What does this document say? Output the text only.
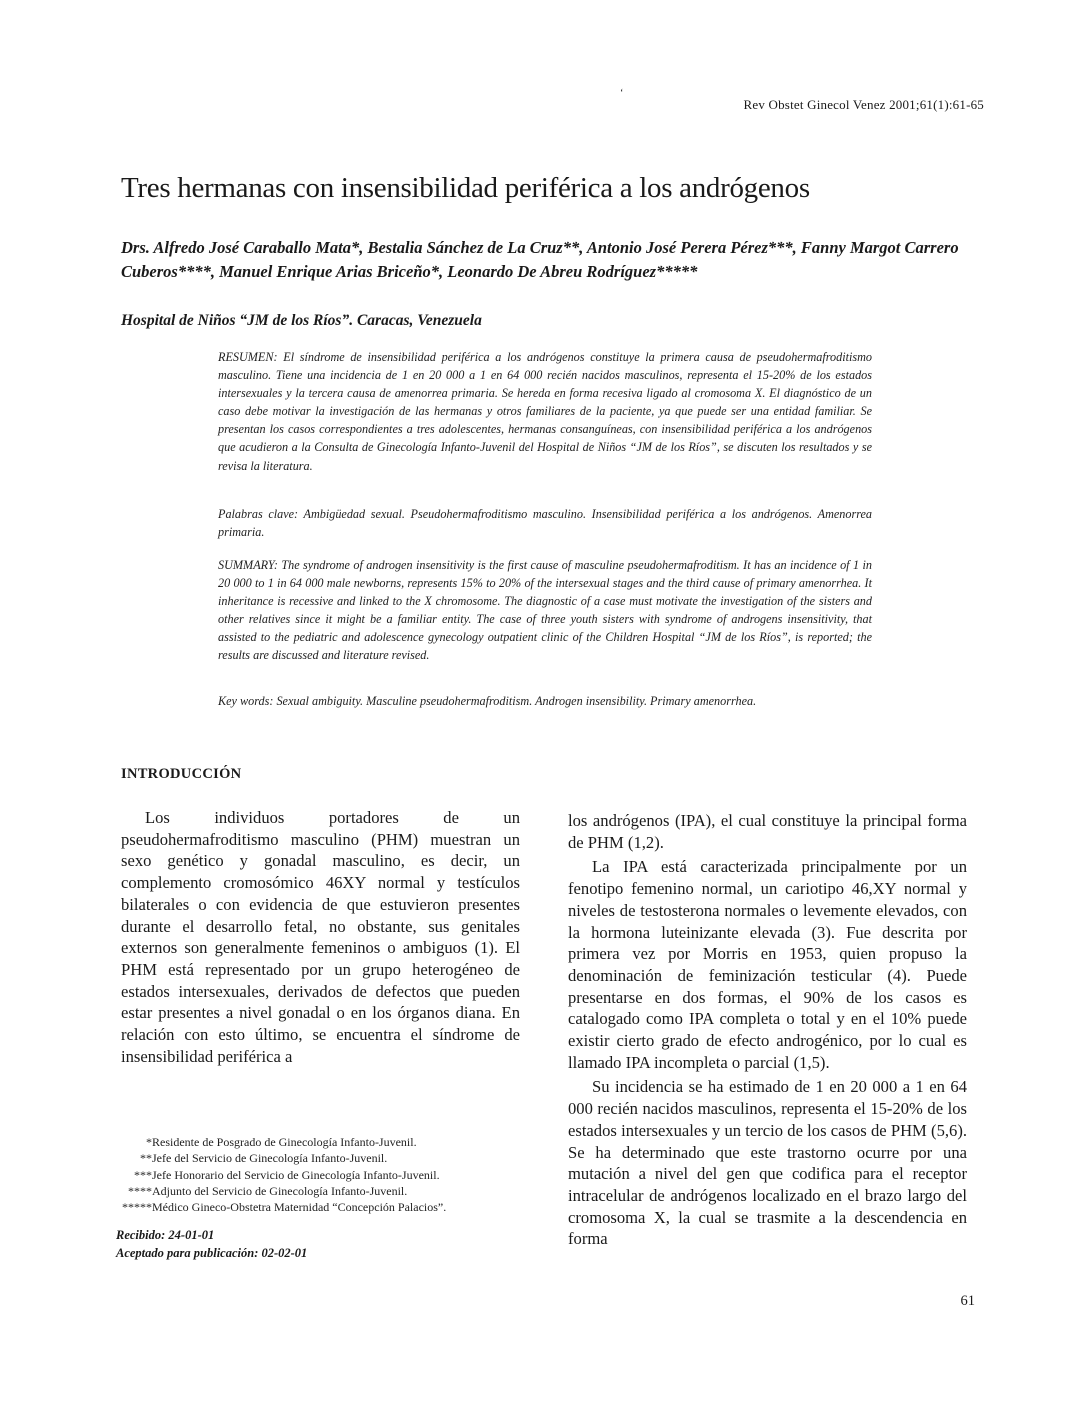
ʻ
Rev Obstet Ginecol Venez 2001;61(1):61-65
Tres hermanas con insensibilidad periférica a los andrógenos
Drs. Alfredo José Caraballo Mata*, Bestalia Sánchez de La Cruz**, Antonio José Perera Pérez***, Fanny Margot Carrero Cuberos****, Manuel Enrique Arias Briceño*, Leonardo De Abreu Rodríguez*****
Hospital de Niños “JM de los Ríos”. Caracas, Venezuela
RESUMEN: El síndrome de insensibilidad periférica a los andrógenos constituye la primera causa de pseudohermafroditismo masculino. Tiene una incidencia de 1 en 20 000 a 1 en 64 000 recién nacidos masculinos, representa el 15-20% de los estados intersexuales y la tercera causa de amenorrea primaria. Se hereda en forma recesiva ligado al cromosoma X. El diagnóstico de un caso debe motivar la investigación de las hermanas y otros familiares de la paciente, ya que puede ser una entidad familiar. Se presentan los casos correspondientes a tres adolescentes, hermanas consanguíneas, con insensibilidad periférica a los andrógenos que acudieron a la Consulta de Ginecología Infanto-Juvenil del Hospital de Niños “JM de los Ríos”, se discuten los resultados y se revisa la literatura.
Palabras clave: Ambigüedad sexual. Pseudohermafroditismo masculino. Insensibilidad periférica a los andrógenos. Amenorrea primaria.
SUMMARY: The syndrome of androgen insensitivity is the first cause of masculine pseudohermafroditism. It has an incidence of 1 in 20 000 to 1 in 64 000 male newborns, represents 15% to 20% of the intersexual stages and the third cause of primary amenorrhea. It inheritance is recessive and linked to the X chromosome. The diagnostic of a case must motivate the investigation of the sisters and other relatives since it might be a familiar entity. The case of three youth sisters with syndrome of androgens insensitivity, that assisted to the pediatric and adolescence gynecology outpatient clinic of the Children Hospital “JM de los Ríos”, is reported; the results are discussed and literature revised.
Key words: Sexual ambiguity. Masculine pseudohermafroditism. Androgen insensibility. Primary amenorrhea.
INTRODUCCIÓN

Los individuos portadores de un pseudohermafroditismo masculino (PHM) muestran un sexo genético y gonadal masculino, es decir, un complemento cromosómico 46XY normal y testículos bilaterales o con evidencia de que estuvieron presentes durante el desarrollo fetal, no obstante, sus genitales externos son generalmente femeninos o ambiguos (1). El PHM está representado por un grupo heterogéneo de estados intersexuales, derivados de defectos que pueden estar presentes a nivel gonadal o en los órganos diana. En relación con esto último, se encuentra el síndrome de insensibilidad periférica a

los andrógenos (IPA), el cual constituye la principal forma de PHM (1,2).

La IPA está caracterizada principalmente por un fenotipo femenino normal, un cariotipo 46,XY normal y niveles de testosterona normales o levemente elevados, con la hormona luteinizante elevada (3). Fue descrita por primera vez por Morris en 1953, quien propuso la denominación de feminización testicular (4). Puede presentarse en dos formas, el 90% de los casos es catalogado como IPA completa o total y en el 10% puede existir cierto grado de efecto androgénico, por lo cual es llamado IPA incompleta o parcial (1,5).

Su incidencia se ha estimado de 1 en 20 000 a 1 en 64 000 recién nacidos masculinos, representa el 15-20% de los estados intersexuales y un tercio de los casos de PHM (5,6). Se ha determinado que este trastorno ocurre por una mutación a nivel del gen que codifica para el receptor intracelular de andrógenos localizado en el brazo largo del cromosoma X, la cual se trasmite a la descendencia en forma

*Residente de Posgrado de Ginecología Infanto-Juvenil.
**Jefe del Servicio de Ginecología Infanto-Juvenil.
***Jefe Honorario del Servicio de Ginecología Infanto-Juvenil.
****Adjunto del Servicio de Ginecología Infanto-Juvenil.
*****Médico Gineco-Obstetra Maternidad “Concepción Palacios”.
Recibido: 24-01-01
Aceptado para publicación: 02-02-01
61
